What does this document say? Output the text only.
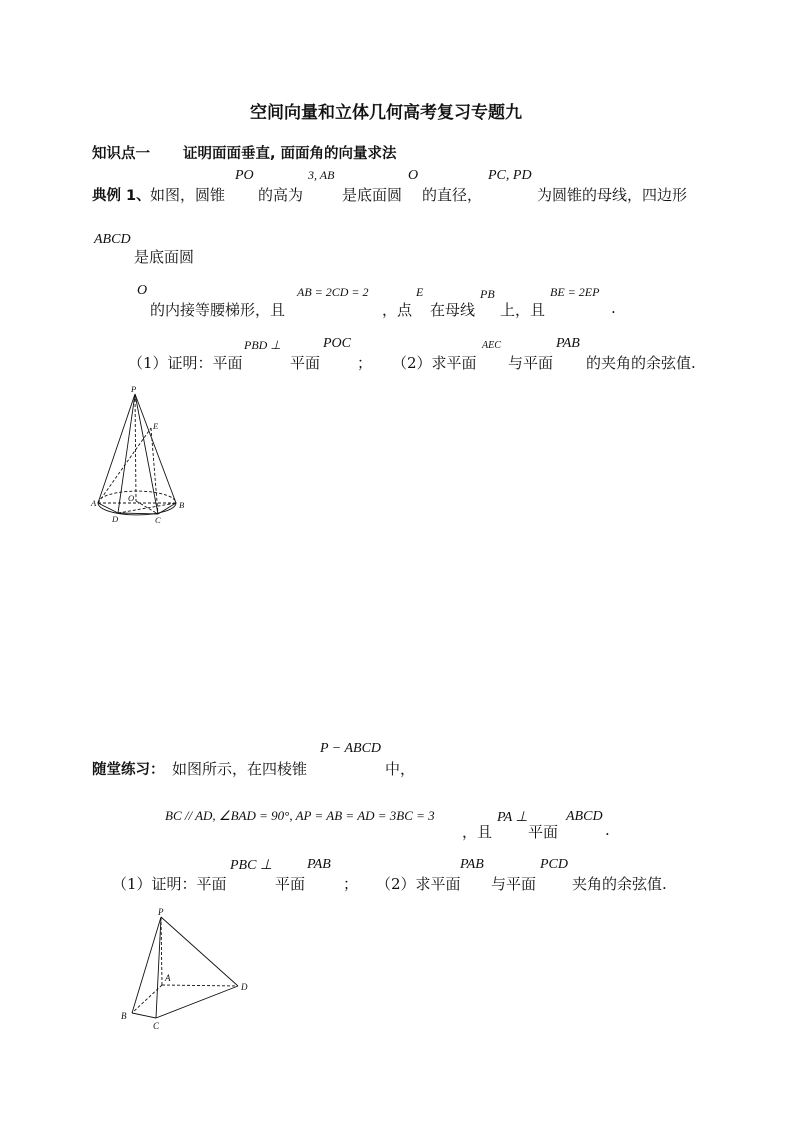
空间向量和立体几何高考复习专题九
知识点一 证明面面垂直, 面面角的向量求法
典例 1、 如图，圆锥
PO
的高为
3, AB
是底面圆
O
的直径，
PC, PD
为圆锥的母线，四边形
ABCD
是底面圆
O
的内接等腰梯形，且
AB = 2CD = 2
，点
E
在母线
PB
上，且
BE = 2EP
.
（1）证明：平面
PBD ⊥
平面
POC
； （2）求平面
AEC
与平面
PAB
的夹角的余弦值.
P
E
O
A	B
D	C
随堂练习： 如图所示，在四棱锥
P − ABCD
中，
BC // AD, ∠BAD = 90°, AP = AB = AD = 3BC = 3
，且
PA ⊥
平面
ABCD
.
（1）证明：平面
PBC ⊥
平面
PAB
； （2）求平面
PAB
与平面
PCD
夹角的余弦值.
P
A
D
B
C
